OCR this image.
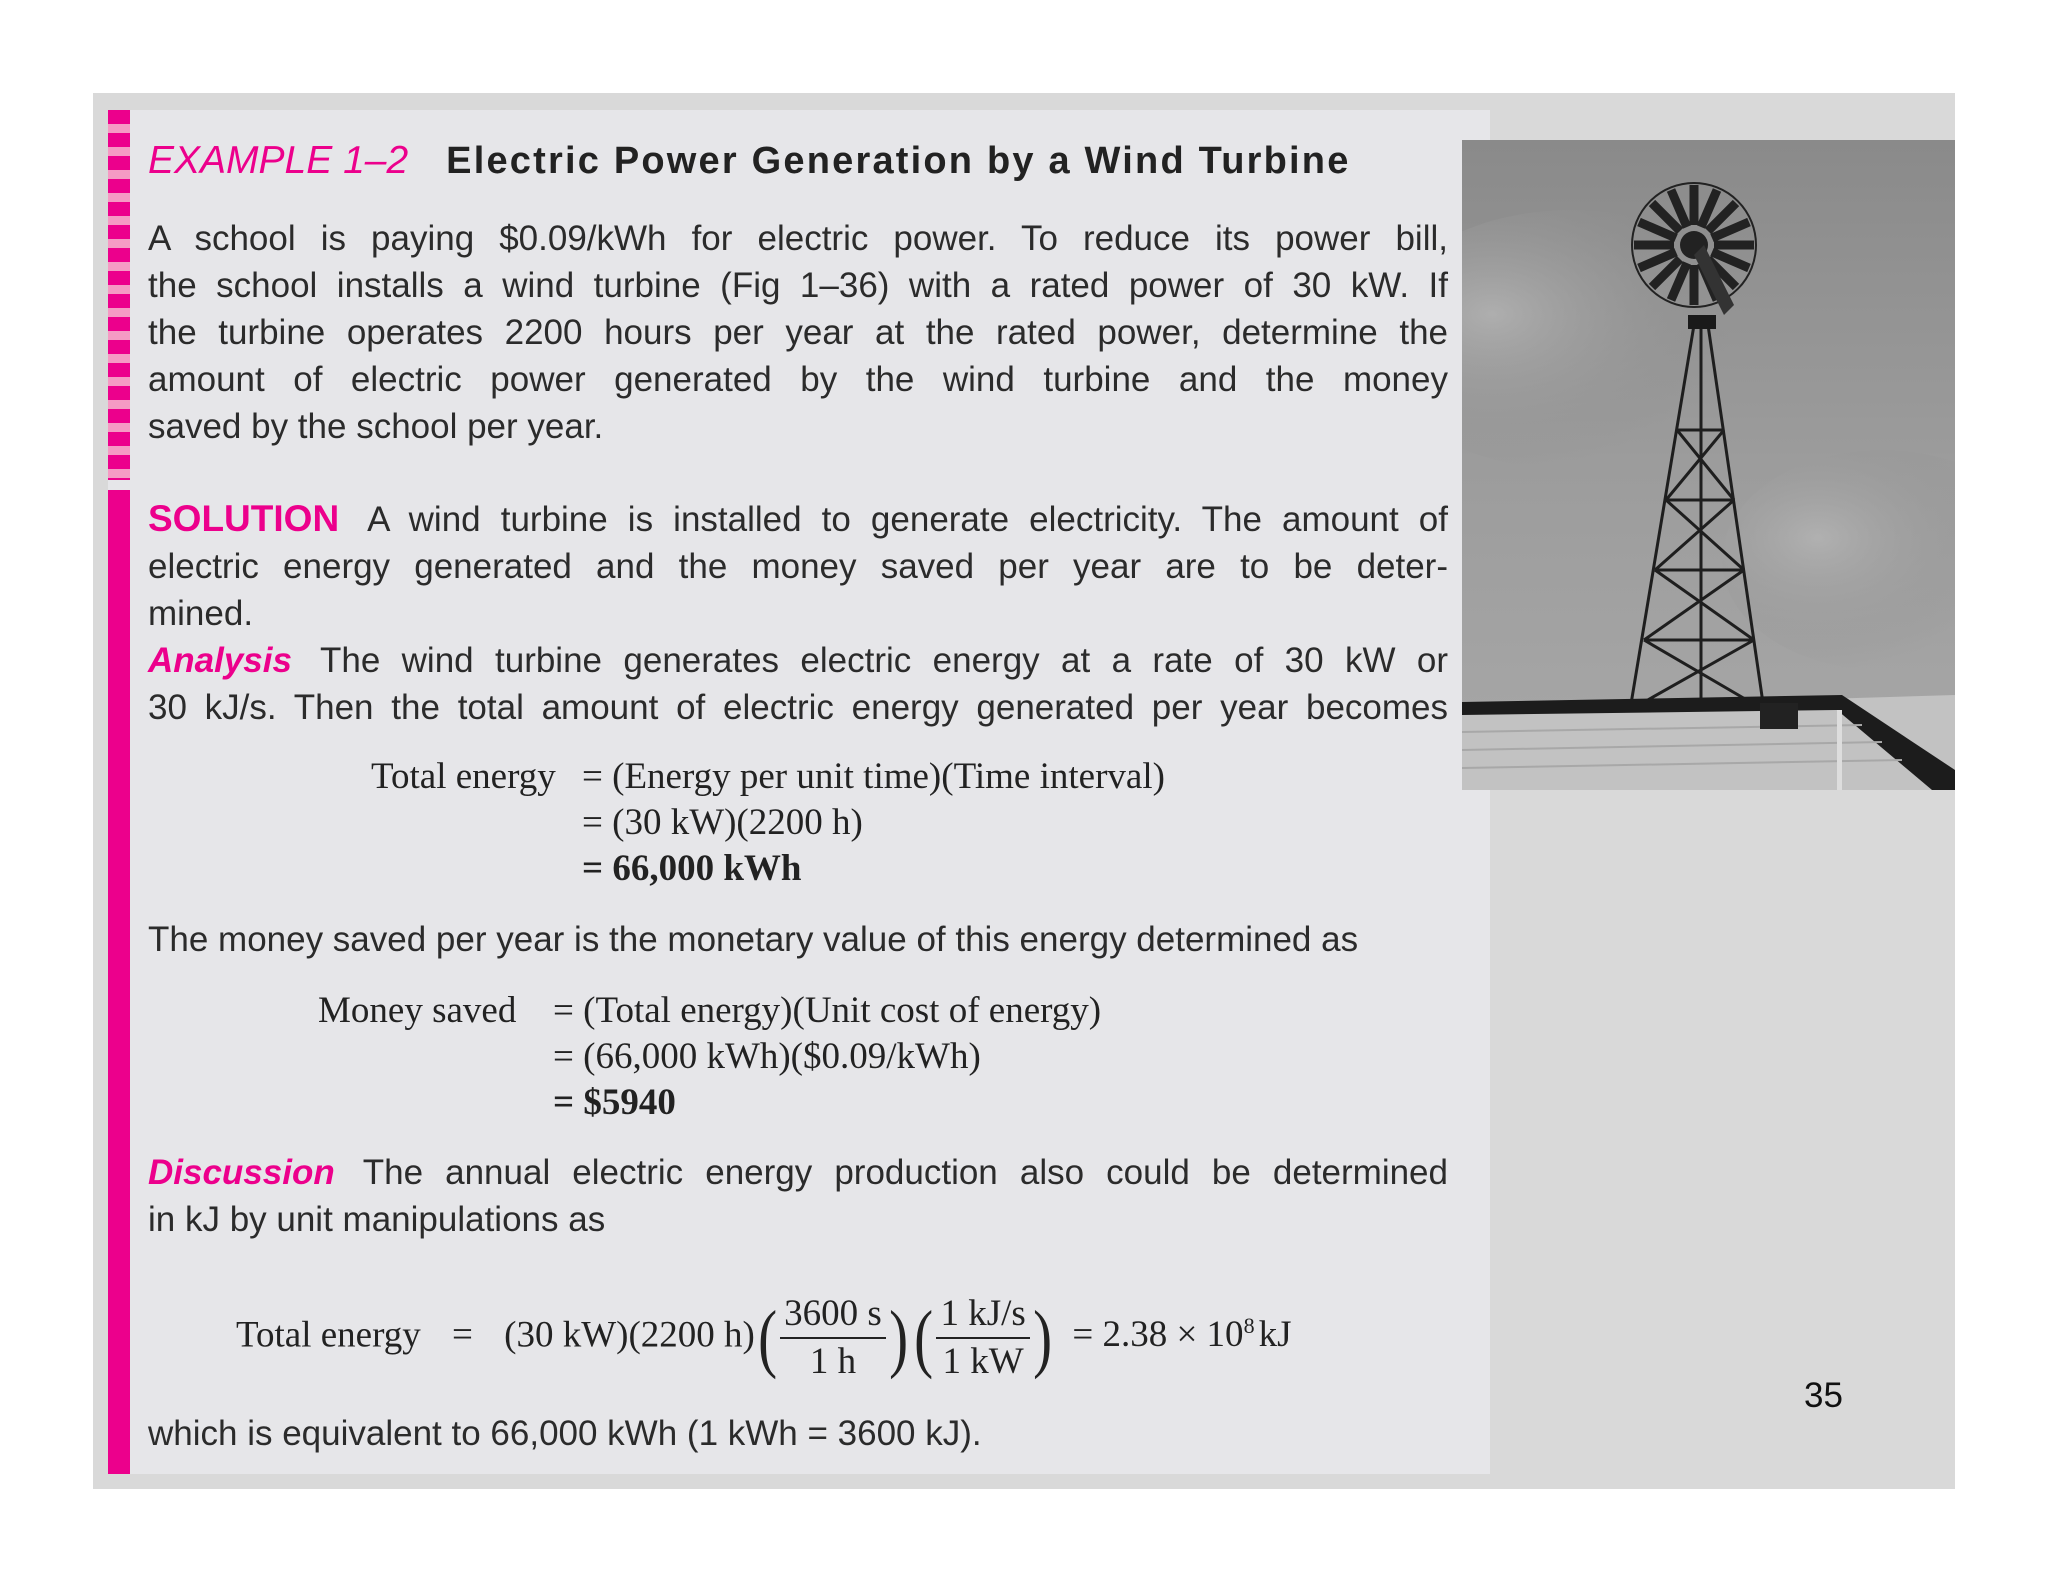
EXAMPLE 1–2 Electric Power Generation by a Wind Turbine

A school is paying $0.09/kWh for electric power. To reduce its power bill,

the school installs a wind turbine (Fig 1–36) with a rated power of 30 kW. If

the turbine operates 2200 hours per year at the rated power, determine the

amount of electric power generated by the wind turbine and the money

saved by the school per year.

SOLUTION A wind turbine is installed to generate electricity. The amount of

electric energy generated and the money saved per year are to be deter-

mined.

Analysis The wind turbine generates electric energy at a rate of 30 kW or

30 kJ/s. Then the total amount of electric energy generated per year becomes

Total energy = (Energy per unit time)(Time interval)
= (30 kW)(2200 h)
= 66,000 kWh

The money saved per year is the monetary value of this energy determined as

Money saved = (Total energy)(Unit cost of energy)
= (66,000 kWh)($0.09/kWh)
= $5940

Discussion The annual electric energy production also could be determined

in kJ by unit manipulations as

Total energy = (30 kW)(2200 $h)( \frac{3600 s}{1 h}$ )( $\frac{1 kJ/s}{1 kW}$ ) = $2.38 \times 10^8$ kJ

which is equivalent to 66,000 kWh (1 kWh = 3600 kJ).

35
